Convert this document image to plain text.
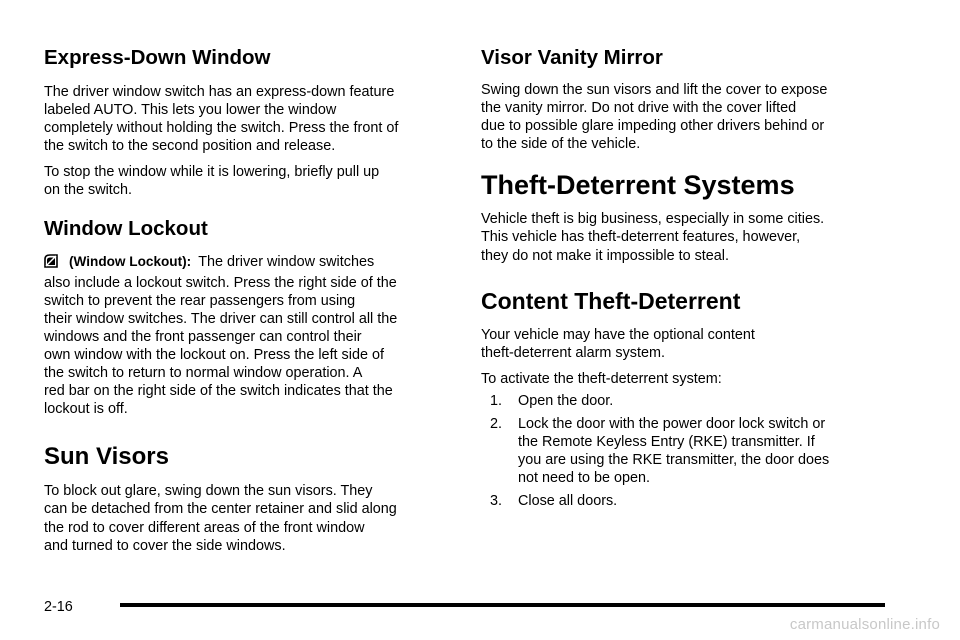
Express-Down Window

The driver window switch has an express-down feature
labeled AUTO. This lets you lower the window
completely without holding the switch. Press the front of
the switch to the second position and release.

To stop the window while it is lowering, briefly pull up
on the switch.

Window Lockout
(Window Lockout): The driver window switches

also include a lockout switch. Press the right side of the
switch to prevent the rear passengers from using
their window switches. The driver can still control all the
windows and the front passenger can control their
own window with the lockout on. Press the left side of
the switch to return to normal window operation. A
red bar on the right side of the switch indicates that the
lockout is off.

Sun Visors

To block out glare, swing down the sun visors. They
can be detached from the center retainer and slid along
the rod to cover different areas of the front window
and turned to cover the side windows.

Visor Vanity Mirror

Swing down the sun visors and lift the cover to expose
the vanity mirror. Do not drive with the cover lifted
due to possible glare impeding other drivers behind or
to the side of the vehicle.

Theft-Deterrent Systems

Vehicle theft is big business, especially in some cities.
This vehicle has theft-deterrent features, however,
they do not make it impossible to steal.

Content Theft-Deterrent

Your vehicle may have the optional content
theft-deterrent alarm system.

To activate the theft-deterrent system:

1.	Open the door.
2.	Lock the door with the power door lock switch or
the Remote Keyless Entry (RKE) transmitter. If
you are using the RKE transmitter, the door does
not need to be open.
3.	Close all doors.
2-16
carmanualsonline.info
